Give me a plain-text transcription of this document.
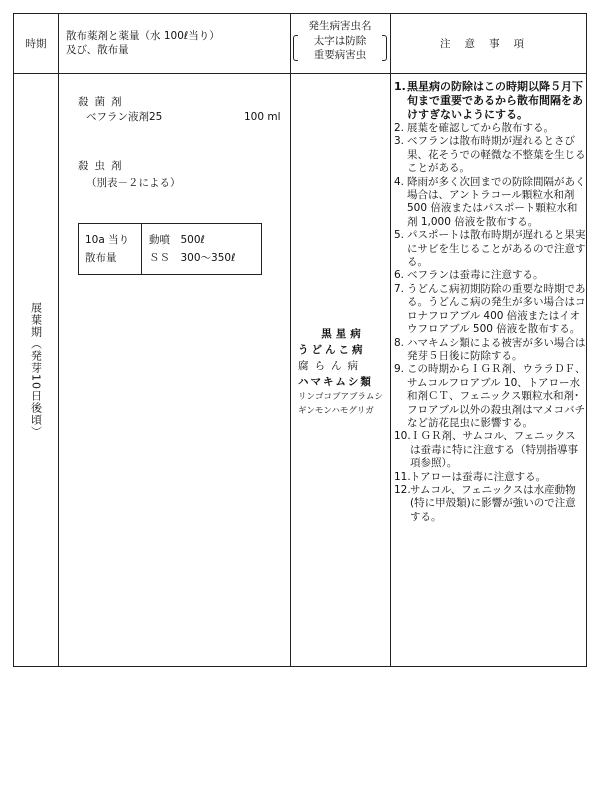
時期
散布薬剤と薬量（水 100ℓ当り）
及び、散布量
発生病害虫名
太字は防除
重要病害虫
注意事項
展葉期（発芽10日後頃）
殺菌剤
ベフラン液剤25	100 ml
殺虫剤
（別表－２による）
10a 当り
散布量
動噴　500ℓ
ＳＳ　300～350ℓ
黒星病
うどんこ病
腐らん病
ハマキムシ類
リンゴコブアブラムシ
ギンモンハモグリガ
1. 黒星病の防除はこの時期以降５月下旬まで重要であるから散布間隔をあけすぎないようにする。
2. 展葉を確認してから散布する。
3. ベフランは散布時期が遅れるとさび果、花そうでの軽微な不整葉を生じることがある。
4. 降雨が多く次回までの防除間隔があく場合は、アントラコール顆粒水和剤 500 倍液またはパスポート顆粒水和剤 1,000 倍液を散布する。
5. パスポートは散布時期が遅れると果実にサビを生じることがあるので注意する。
6. ベフランは蚕毒に注意する。
7. うどんこ病初期防除の重要な時期である。うどんこ病の発生が多い場合はコロナフロアブル 400 倍液またはイオウフロアブル 500 倍液を散布する。
8. ハマキムシ類による被害が多い場合は発芽５日後に防除する。
9. この時期からＩＧＲ剤、ウララＤＦ、サムコルフロアブル 10、トアロー水和剤ＣＴ、フェニックス顆粒水和剤･フロアブル以外の殺虫剤はマメコバチなど訪花昆虫に影響する。
10. ＩＧＲ剤、サムコル、フェニックスは蚕毒に特に注意する（特別指導事項参照）。
11. トアローは蚕毒に注意する。
12. サムコル、フェニックスは水産動物(特に甲殻類)に影響が強いので注意する。
